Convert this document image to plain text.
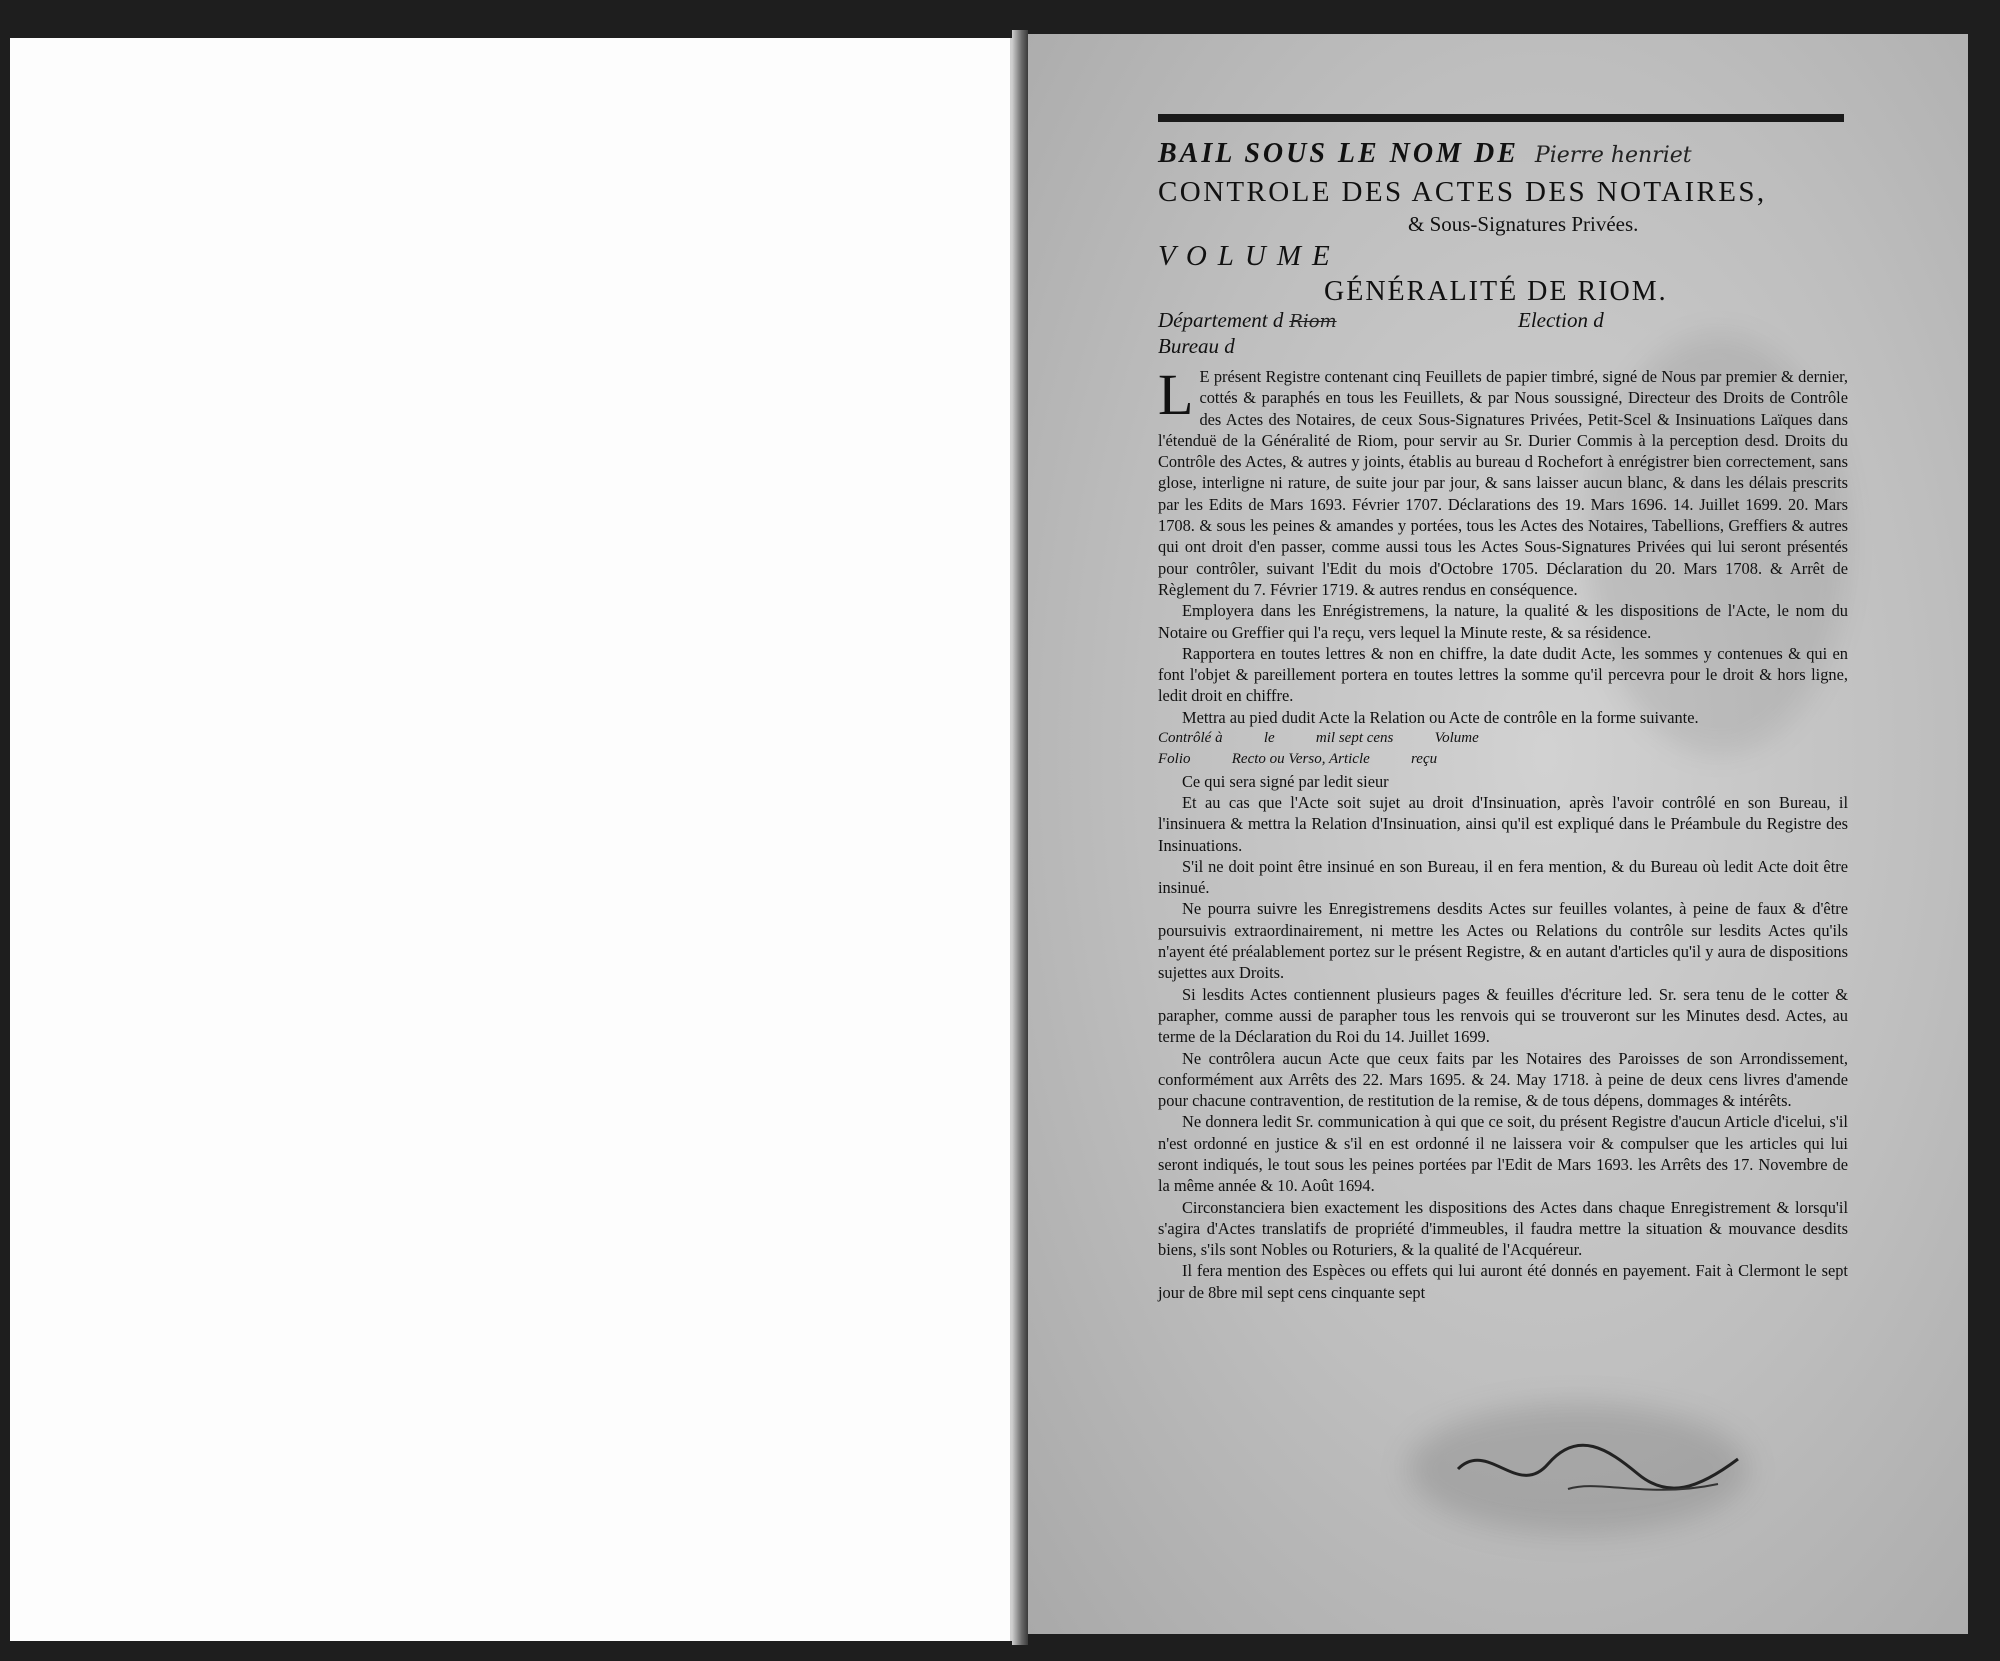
BAIL SOUS LE NOM DE Pierre henriet
CONTROLE DES ACTES DES NOTAIRES,
& Sous-Signatures Privées.
VOLUME
GÉNÉRALITÉ DE RIOM.
Département d Riom	Election d
Bureau d

L E présent Registre contenant cinq Feuillets de papier timbré, signé de Nous par premier & dernier, cottés & paraphés en tous les Feuillets, & par Nous soussigné, Directeur des Droits de Contrôle des Actes des Notaires, de ceux Sous-Signatures Privées, Petit-Scel & Insinuations Laïques dans l'étenduë de la Généralité de Riom, pour servir au Sr. Durier Commis à la perception desd. Droits du Contrôle des Actes, & autres y joints, établis au bureau d Rochefort à enrégistrer bien correctement, sans glose, interligne ni rature, de suite jour par jour, & sans laisser aucun blanc, & dans les délais prescrits par les Edits de Mars 1693. Février 1707. Déclarations des 19. Mars 1696. 14. Juillet 1699. 20. Mars 1708. & sous les peines & amandes y portées, tous les Actes des Notaires, Tabellions, Greffiers & autres qui ont droit d'en passer, comme aussi tous les Actes Sous-Signatures Privées qui lui seront présentés pour contrôler, suivant l'Edit du mois d'Octobre 1705. Déclaration du 20. Mars 1708. & Arrêt de Règlement du 7. Février 1719. & autres rendus en conséquence.

Employera dans les Enrégistremens, la nature, la qualité & les dispositions de l'Acte, le nom du Notaire ou Greffier qui l'a reçu, vers lequel la Minute reste, & sa résidence.

Rapportera en toutes lettres & non en chiffre, la date dudit Acte, les sommes y contenues & qui en font l'objet & pareillement portera en toutes lettres la somme qu'il percevra pour le droit & hors ligne, ledit droit en chiffre.

Mettra au pied dudit Acte la Relation ou Acte de contrôle en la forme suivante.

Contrôlé à           le           mil sept cens           Volume

Folio           Recto ou Verso, Article           reçu

Ce qui sera signé par ledit sieur

Et au cas que l'Acte soit sujet au droit d'Insinuation, après l'avoir contrôlé en son Bureau, il l'insinuera & mettra la Relation d'Insinuation, ainsi qu'il est expliqué dans le Préambule du Registre des Insinuations.

S'il ne doit point être insinué en son Bureau, il en fera mention, & du Bureau où ledit Acte doit être insinué.

Ne pourra suivre les Enregistremens desdits Actes sur feuilles volantes, à peine de faux & d'être poursuivis extraordinairement, ni mettre les Actes ou Relations du contrôle sur lesdits Actes qu'ils n'ayent été préalablement portez sur le présent Registre, & en autant d'articles qu'il y aura de dispositions sujettes aux Droits.

Si lesdits Actes contiennent plusieurs pages & feuilles d'écriture led. Sr. sera tenu de le cotter & parapher, comme aussi de parapher tous les renvois qui se trouveront sur les Minutes desd. Actes, au terme de la Déclaration du Roi du 14. Juillet 1699.

Ne contrôlera aucun Acte que ceux faits par les Notaires des Paroisses de son Arrondissement, conformément aux Arrêts des 22. Mars 1695. & 24. May 1718. à peine de deux cens livres d'amende pour chacune contravention, de restitution de la remise, & de tous dépens, dommages & intérêts.

Ne donnera ledit Sr. communication à qui que ce soit, du présent Registre d'aucun Article d'icelui, s'il n'est ordonné en justice & s'il en est ordonné il ne laissera voir & compulser que les articles qui lui seront indiqués, le tout sous les peines portées par l'Edit de Mars 1693. les Arrêts des 17. Novembre de la même année & 10. Août 1694.

Circonstanciera bien exactement les dispositions des Actes dans chaque Enregistrement & lorsqu'il s'agira d'Actes translatifs de propriété d'immeubles, il faudra mettre la situation & mouvance desdits biens, s'ils sont Nobles ou Roturiers, & la qualité de l'Acquéreur.

Il fera mention des Espèces ou effets qui lui auront été donnés en payement. Fait à Clermont le sept jour de 8bre mil sept cens cinquante sept
